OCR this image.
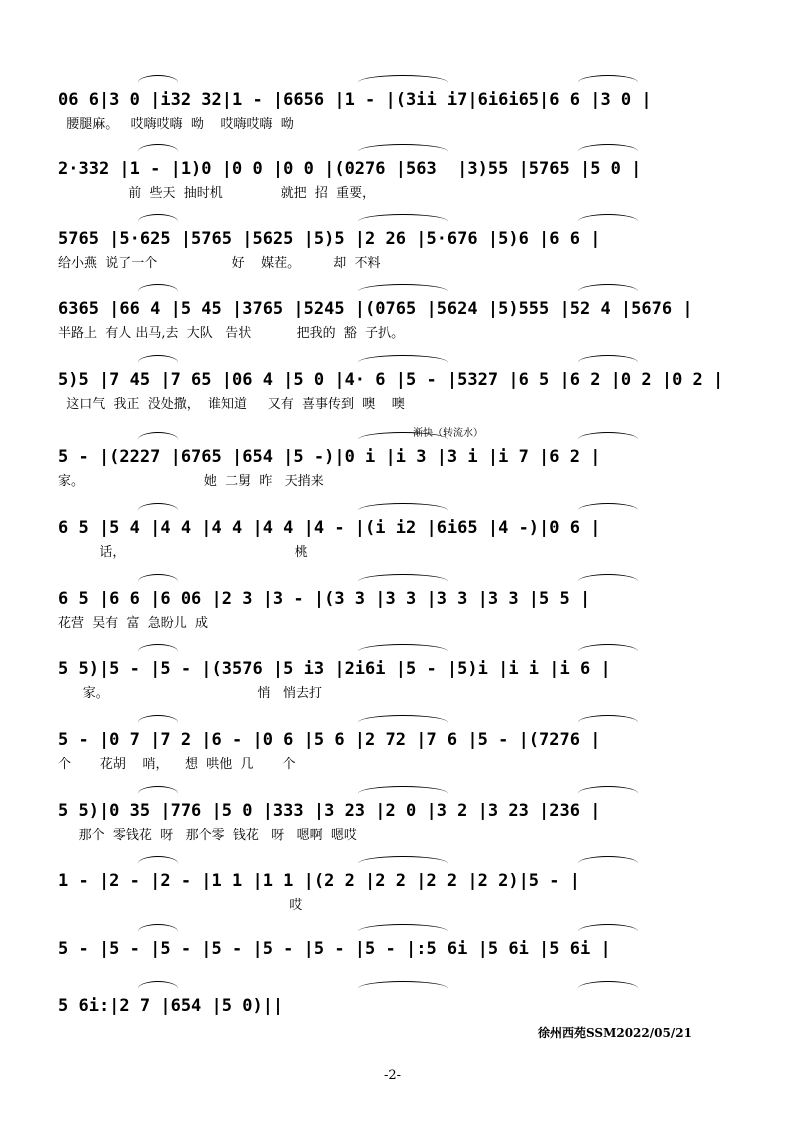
06 6|3 0 |i32 32|1 - |6656 |1 - |(3ii i7|6i6i65|6 6 |3 0 |
腰腿麻。   哎嗨哎嗨  呦    哎嗨哎嗨  呦
2·332 |1 - |1)0 |0 0 |0 0 |(0276 |563  |3)55 |5765 |5 0 |
前  些天  抽时机              就把  招  重要，
5765 |5·625 |5765 |5625 |5)5 |2 26 |5·676 |5)6 |6 6 |
给小燕  说了一个                  好    媒茬。        却  不料
6365 |66 4 |5 45 |3765 |5245 |(0765 |5624 |5)555 |52 4 |5676 |
半路上  有人 出马,去  大队   告状           把我的  豁  子扒。
5)5 |7 45 |7 65 |06 4 |5 0 |4· 6 |5 - |5327 |6 5 |6 2 |0 2 |0 2 |
这口气  我正  没处撒，  谁知道     又有  喜事传到  噢    噢
5 - |(2227 |6765 |654 |5 -)|0 i |i 3 |3 i |i 7 |6 2 |
家。                             她  二舅  昨   天捎来
渐快（转流水）
6 5 |5 4 |4 4 |4 4 |4 4 |4 - |(i i2 |6i65 |4 -)|0 6 |
话，                                         桃
6 5 |6 6 |6 06 |2 3 |3 - |(3 3 |3 3 |3 3 |3 3 |5 5 |
花营  吴有  富  急盼儿  成
5 5)|5 - |5 - |(3576 |5 i3 |2i6i |5 - |5)i |i i |i 6 |
家。                                    悄   悄去打
5 - |0 7 |7 2 |6 - |0 6 |5 6 |2 72 |7 6 |5 - |(7276 |
个       花胡    哨，    想  哄他  几       个
5 5)|0 35 |776 |5 0 |333 |3 23 |2 0 |3 2 |3 23 |236 |
那个  零钱花  呀   那个零  钱花   呀   嗯啊  嗯哎
1 - |2 - |2 - |1 1 |1 1 |(2 2 |2 2 |2 2 |2 2)|5 - |
哎
5 - |5 - |5 - |5 - |5 - |5 - |5 - |:5 6i |5 6i |5 6i |
5 6i:|2 7 |654 |5 0)||
徐州西苑SSM2022/05/21
-2-
